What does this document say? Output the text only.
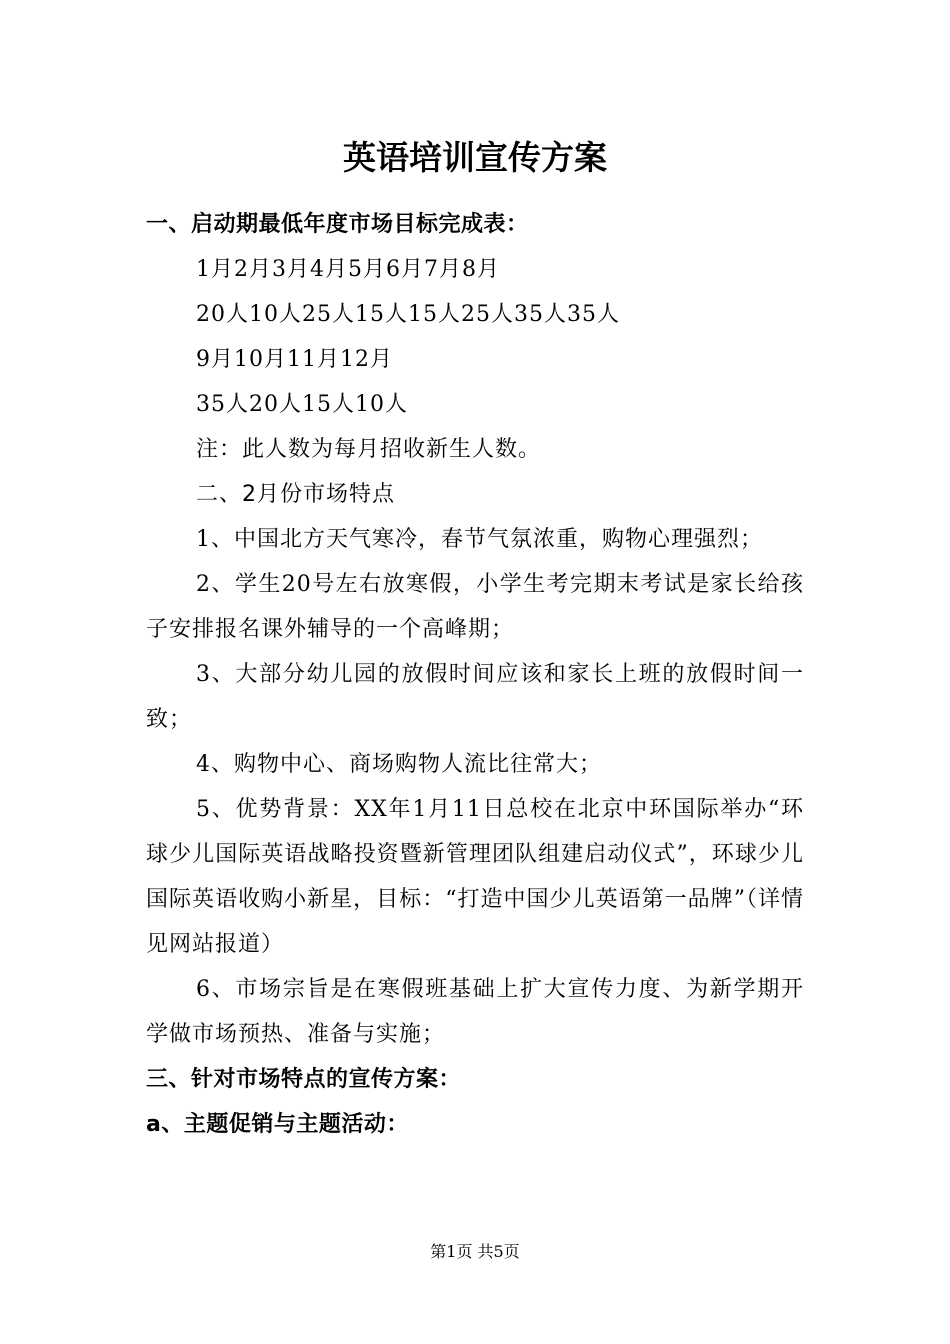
英语培训宣传方案

一、启动期最低年度市场目标完成表：

1月2月3月4月5月6月7月8月

20人10人25人15人15人25人35人35人

9月10月11月12月

35人20人15人10人

注：此人数为每月招收新生人数。

二、2月份市场特点

1、中国北方天气寒冷，春节气氛浓重，购物心理强烈；

2、学生20号左右放寒假，小学生考完期末考试是家长给孩子安排报名课外辅导的一个高峰期；

3、大部分幼儿园的放假时间应该和家长上班的放假时间一致；

4、购物中心、商场购物人流比往常大；

5、优势背景：XX年1月11日总校在北京中环国际举办“环球少儿国际英语战略投资暨新管理团队组建启动仪式”，环球少儿国际英语收购小新星，目标：“打造中国少儿英语第一品牌”（详情见网站报道）

6、市场宗旨是在寒假班基础上扩大宣传力度、为新学期开学做市场预热、准备与实施；

三、针对市场特点的宣传方案：

a、主题促销与主题活动：

第1页 共5页
